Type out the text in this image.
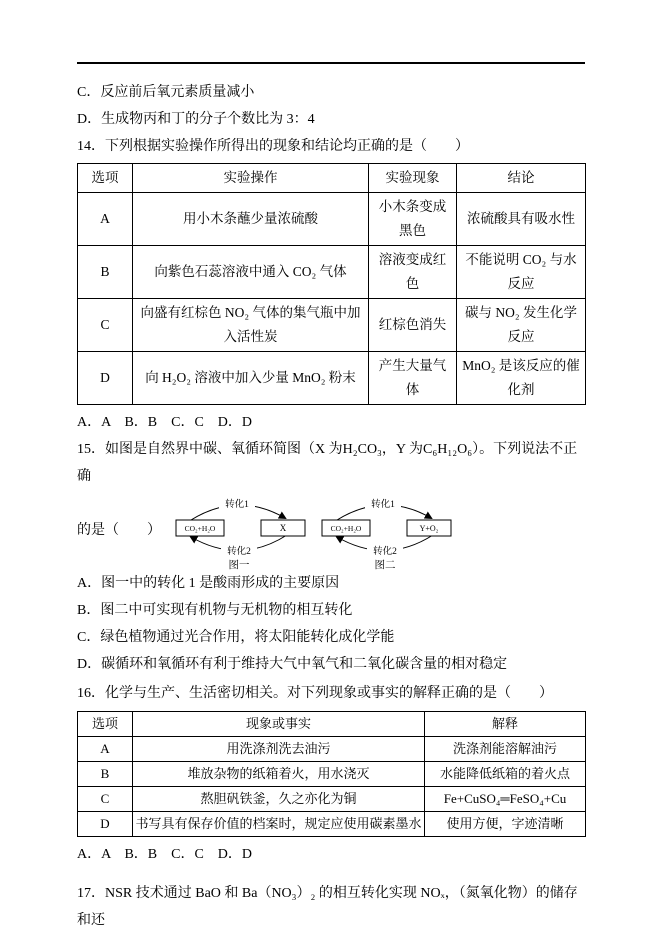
C．反应前后氧元素质量减小

D．生成物丙和丁的分子个数比为 3：4

14．下列根据实验操作所得出的现象和结论均正确的是（　　）

选项	实验操作	实验现象	结论
A	用小木条蘸少量浓硫酸	小木条变成黑色	浓硫酸具有吸水性
B	向紫色石蕊溶液中通入 CO₂ 气体	溶液变成红色	不能说明 CO₂ 与水反应
C	向盛有红棕色 NO₂ 气体的集气瓶中加入活性炭	红棕色消失	碳与 NO₂ 发生化学反应
D	向 H₂O₂ 溶液中加入少量 MnO₂ 粉末	产生大量气体	MnO₂ 是该反应的催化剂

A．A　B．B　C．C　D．D

15．如图是自然界中碳、氧循环简图（X 为H₂CO₃，Y 为C₆H₁₂O₆）。下列说法不正确

的是（　　）
转化1
转化2
CO₂+H₂O	X
图一
转化1
转化2
CO₂+H₂O	Y+O₂
图二

A．图一中的转化 1 是酸雨形成的主要原因

B．图二中可实现有机物与无机物的相互转化

C．绿色植物通过光合作用，将太阳能转化成化学能

D．碳循环和氧循环有利于维持大气中氧气和二氧化碳含量的相对稳定

16．化学与生产、生活密切相关。对下列现象或事实的解释正确的是（　　）

选项	现象或事实	解释
A	用洗涤剂洗去油污	洗涤剂能溶解油污
B	堆放杂物的纸箱着火，用水浇灭	水能降低纸箱的着火点
C	熬胆矾铁釜，久之亦化为铜	Fe+CuSO₄═FeSO₄+Cu
D	书写具有保存价值的档案时，规定应使用碳素墨水	使用方便，字迹清晰

A．A　B．B　C．C　D．D

17．NSR 技术通过 BaO 和 Ba（NO₃）₂ 的相互转化实现 NOₓ，（氮氧化物）的储存和还
